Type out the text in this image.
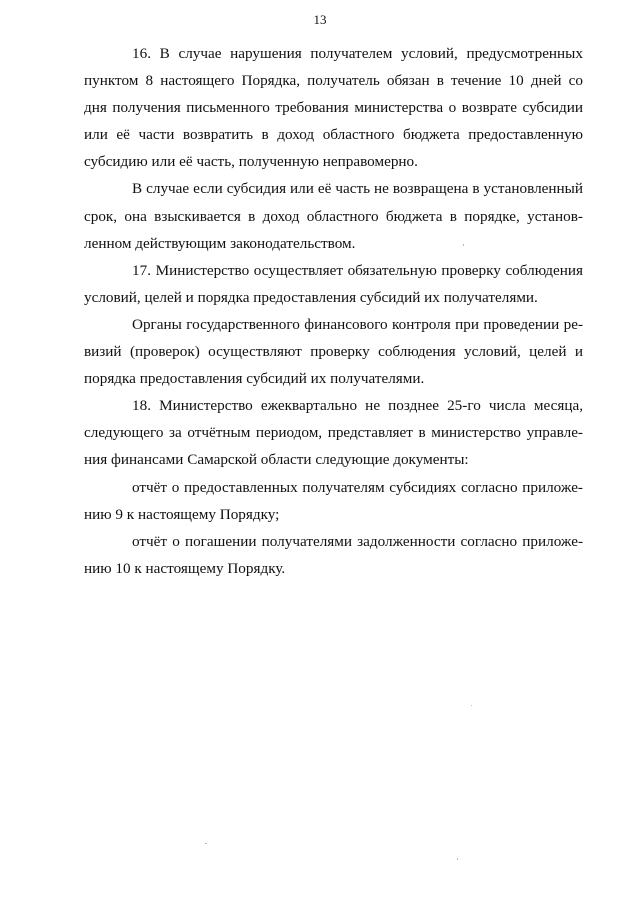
13

16. В случае нарушения получателем условий, предусмотренных
пунктом 8 настоящего Порядка, получатель обязан в течение 10 дней со
дня получения письменного требования министерства о возврате субсидии
или её части возвратить в доход областного бюджета предоставленную
субсидию или её часть, полученную неправомерно.

В случае если субсидия или её часть не возвращена в установленный
срок, она взыскивается в доход областного бюджета в порядке, установ-
ленном действующим законодательством.

17. Министерство осуществляет обязательную проверку соблюдения
условий, целей и порядка предоставления субсидий их получателями.

Органы государственного финансового контроля при проведении ре-
визий (проверок) осуществляют проверку соблюдения условий, целей и
порядка предоставления субсидий их получателями.

18. Министерство ежеквартально не позднее 25-го числа месяца,
следующего за отчётным периодом, представляет в министерство управле-
ния финансами Самарской области следующие документы:

отчёт о предоставленных получателям субсидиях согласно приложе-
нию 9 к настоящему Порядку;

отчёт о погашении получателями задолженности согласно приложе-
нию 10 к настоящему Порядку.
